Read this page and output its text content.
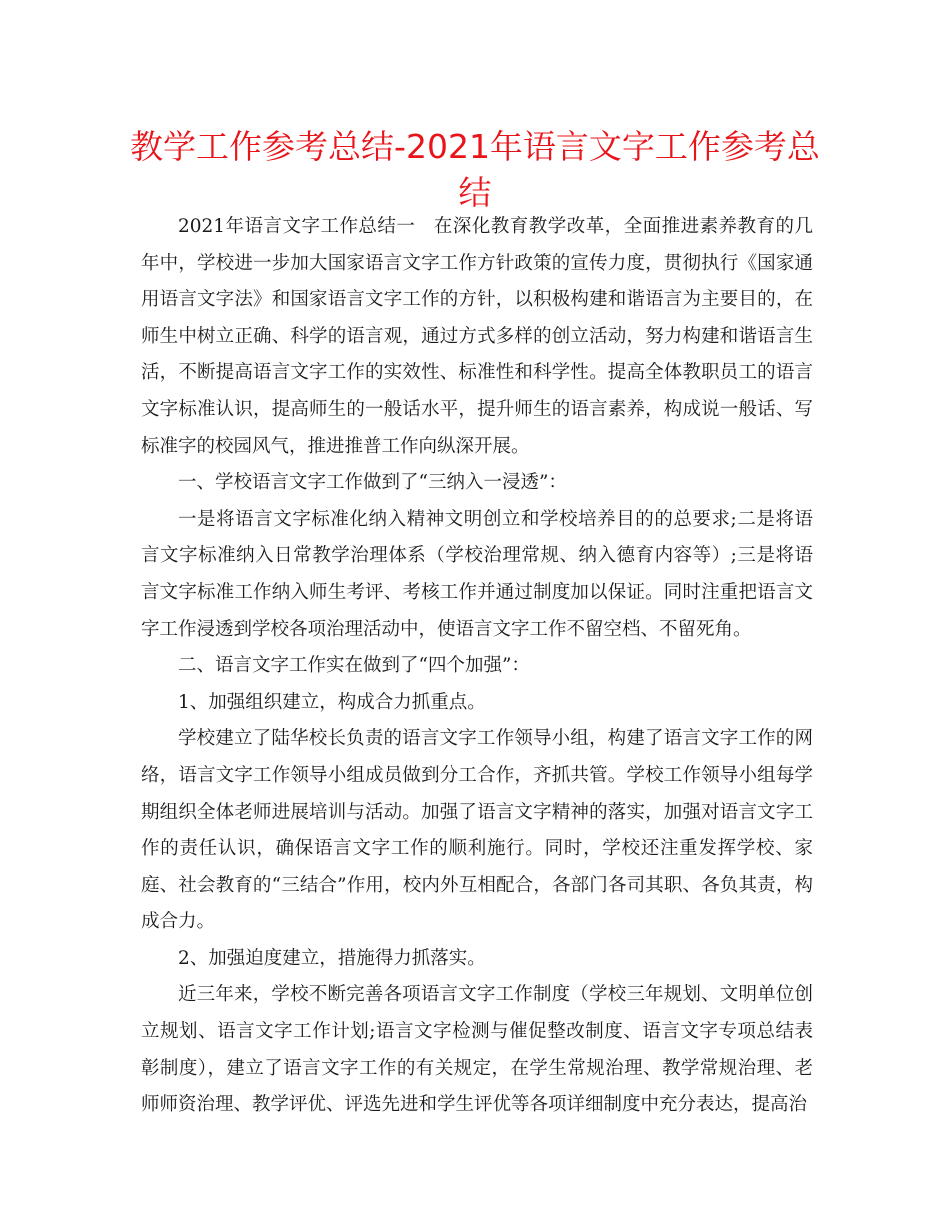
教学工作参考总结-2021年语言文字工作参考总结

2021年语言文字工作总结一 在深化教育教学改革，全面推进素养教育的几年中，学校进一步加大国家语言文字工作方针政策的宣传力度，贯彻执行《国家通用语言文字法》和国家语言文字工作的方针，以积极构建和谐语言为主要目的，在师生中树立正确、科学的语言观，通过方式多样的创立活动，努力构建和谐语言生活，不断提高语言文字工作的实效性、标准性和科学性。提高全体教职员工的语言文字标准认识，提高师生的一般话水平，提升师生的语言素养，构成说一般话、写标准字的校园风气，推进推普工作向纵深开展。

一、学校语言文字工作做到了“三纳入一浸透”：

一是将语言文字标准化纳入精神文明创立和学校培养目的的总要求;二是将语言文字标准纳入日常教学治理体系（学校治理常规、纳入德育内容等）;三是将语言文字标准工作纳入师生考评、考核工作并通过制度加以保证。同时注重把语言文字工作浸透到学校各项治理活动中，使语言文字工作不留空档、不留死角。

二、语言文字工作实在做到了“四个加强”：

1、加强组织建立，构成合力抓重点。

学校建立了陆华校长负责的语言文字工作领导小组，构建了语言文字工作的网络，语言文字工作领导小组成员做到分工合作，齐抓共管。学校工作领导小组每学期组织全体老师进展培训与活动。加强了语言文字精神的落实，加强对语言文字工作的责任认识，确保语言文字工作的顺利施行。同时，学校还注重发挥学校、家庭、社会教育的“三结合”作用，校内外互相配合，各部门各司其职、各负其责，构成合力。

2、加强迫度建立，措施得力抓落实。

近三年来，学校不断完善各项语言文字工作制度（学校三年规划、文明单位创立规划、语言文字工作计划;语言文字检测与催促整改制度、语言文字专项总结表彰制度），建立了语言文字工作的有关规定，在学生常规治理、教学常规治理、老师师资治理、教学评优、评选先进和学生评优等各项详细制度中充分表达，提高治
